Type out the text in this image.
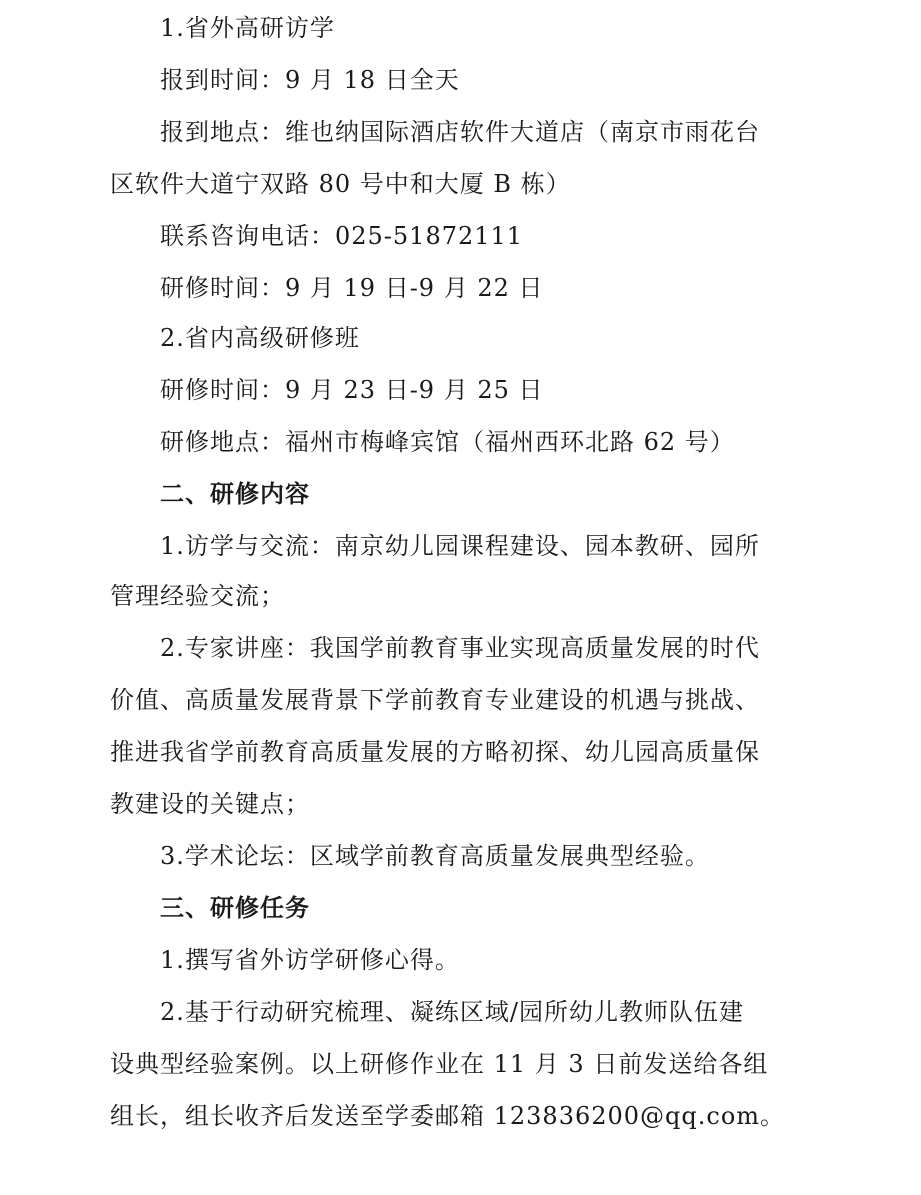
1.省外高研访学
报到时间：9 月 18 日全天
报到地点：维也纳国际酒店软件大道店（南京市雨花台
区软件大道宁双路 80 号中和大厦 B 栋）
联系咨询电话：025-51872111
研修时间：9 月 19 日-9 月 22 日
2.省内高级研修班
研修时间：9 月 23 日-9 月 25 日
研修地点：福州市梅峰宾馆（福州西环北路 62 号）
二、研修内容
1.访学与交流：南京幼儿园课程建设、园本教研、园所
管理经验交流；
2.专家讲座：我国学前教育事业实现高质量发展的时代
价值、高质量发展背景下学前教育专业建设的机遇与挑战、
推进我省学前教育高质量发展的方略初探、幼儿园高质量保
教建设的关键点；
3.学术论坛：区域学前教育高质量发展典型经验。
三、研修任务
1.撰写省外访学研修心得。
2.基于行动研究梳理、凝练区域/园所幼儿教师队伍建
设典型经验案例。以上研修作业在 11 月 3 日前发送给各组
组长，组长收齐后发送至学委邮箱 123836200@qq.com。
